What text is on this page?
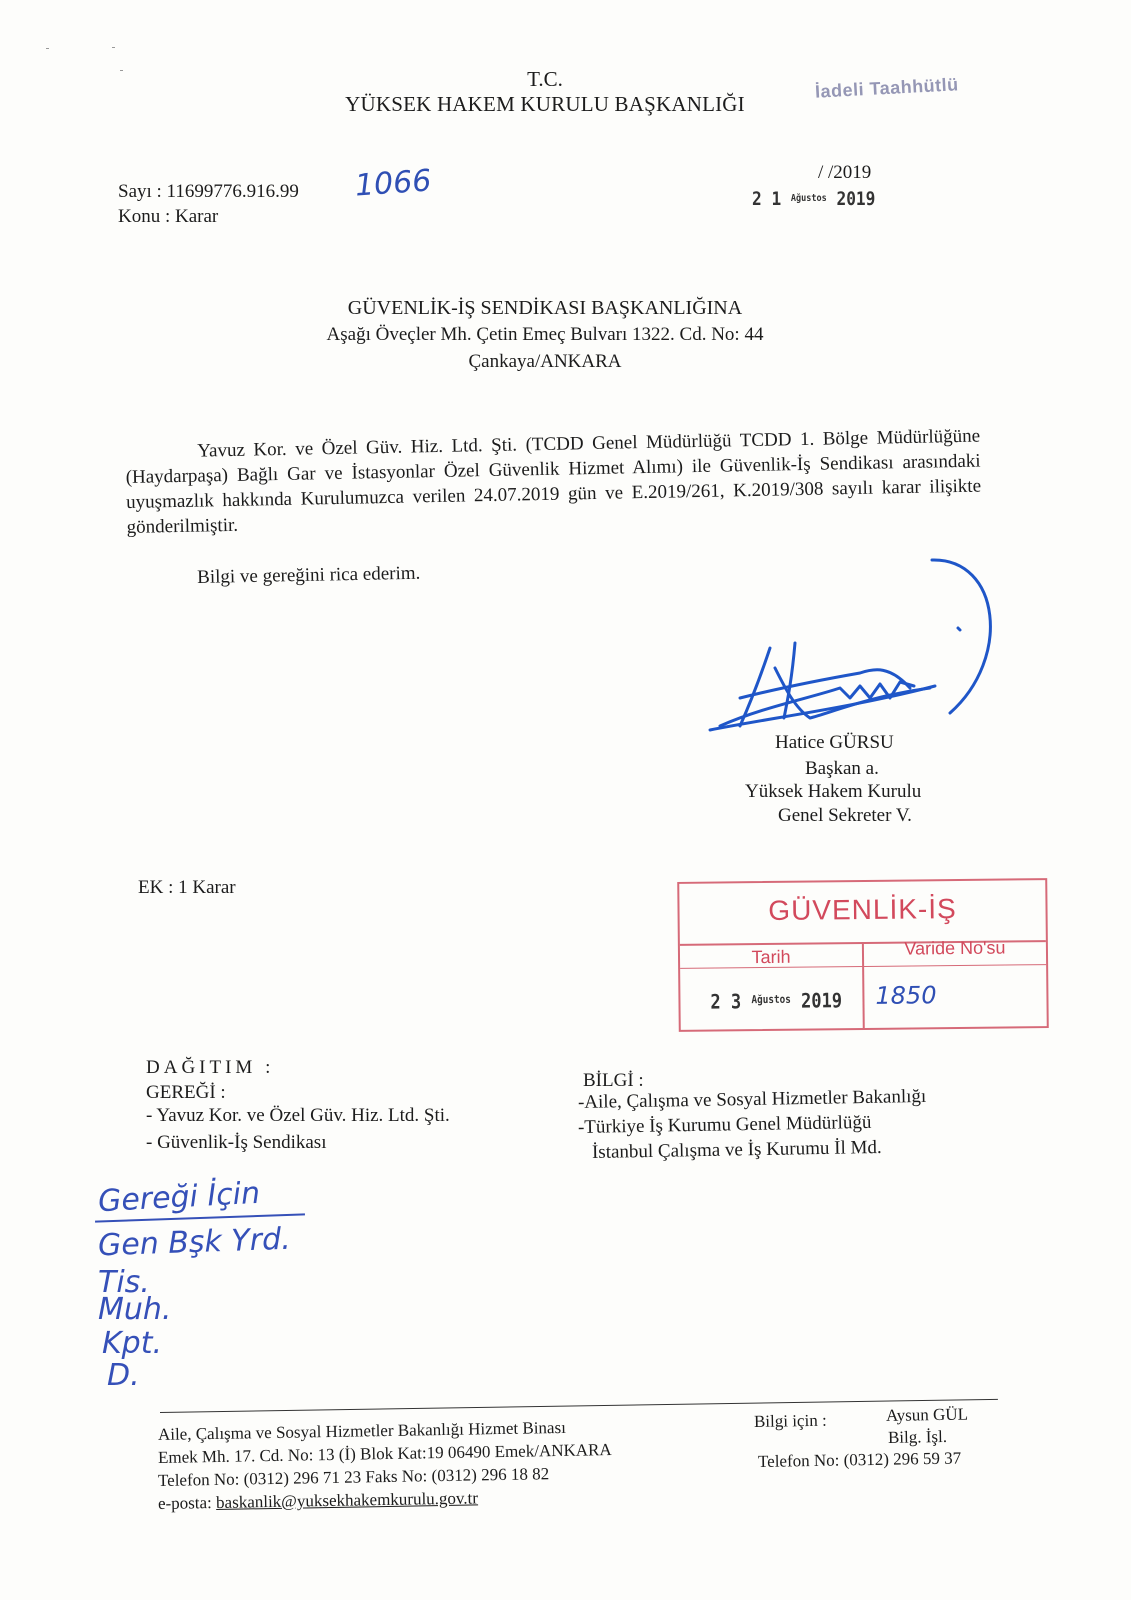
T.C.
YÜKSEK HAKEM KURULU BAŞKANLIĞI
İadeli Taahhütlü
Sayı : 11699776.916.99 1066
Konu : Karar
/ /2019
2 1 $^{Ağustos}$ 2019
GÜVENLİK-İŞ SENDİKASI BAŞKANLIĞINA
Aşağı Öveçler Mh. Çetin Emeç Bulvarı 1322. Cd. No: 44
Çankaya/ANKARA
Yavuz Kor. ve Özel Güv. Hiz. Ltd. Şti. (TCDD Genel Müdürlüğü TCDD 1. Bölge Müdürlüğüne (Haydarpaşa) Bağlı Gar ve İstasyonlar Özel Güvenlik Hizmet Alımı) ile Güvenlik-İş Sendikası arasındaki uyuşmazlık hakkında Kurulumuzca verilen 24.07.2019 gün ve E.2019/261, K.2019/308 sayılı karar ilişikte gönderilmiştir.
Bilgi ve gereğini rica ederim.
Hatice GÜRSU
Başkan a.
Yüksek Hakem Kurulu
Genel Sekreter V.
EK : 1 Karar
GÜVENLİK-İŞ
Tarih	Varide No'su
2 3 $^{Ağustos}$ 2019 1850
DAĞITIM :
GEREĞİ :
- Yavuz Kor. ve Özel Güv. Hiz. Ltd. Şti.
- Güvenlik-İş Sendikası
BİLGİ :
-Aile, Çalışma ve Sosyal Hizmetler Bakanlığı
-Türkiye İş Kurumu Genel Müdürlüğü
İstanbul Çalışma ve İş Kurumu İl Md.
Gereği İçin
Gen Bşk Yrd.
Tis.
Muh.
Kpt.
D.
Aile, Çalışma ve Sosyal Hizmetler Bakanlığı Hizmet Binası
Emek Mh. 17. Cd. No: 13 (İ) Blok Kat:19 06490 Emek/ANKARA
Telefon No: (0312) 296 71 23 Faks No: (0312) 296 18 82
e-posta: baskanlik@yuksekhakemkurulu.gov.tr
Bilgi için :	Aysun GÜL
Bilg. İşl.
Telefon No: (0312) 296 59 37
